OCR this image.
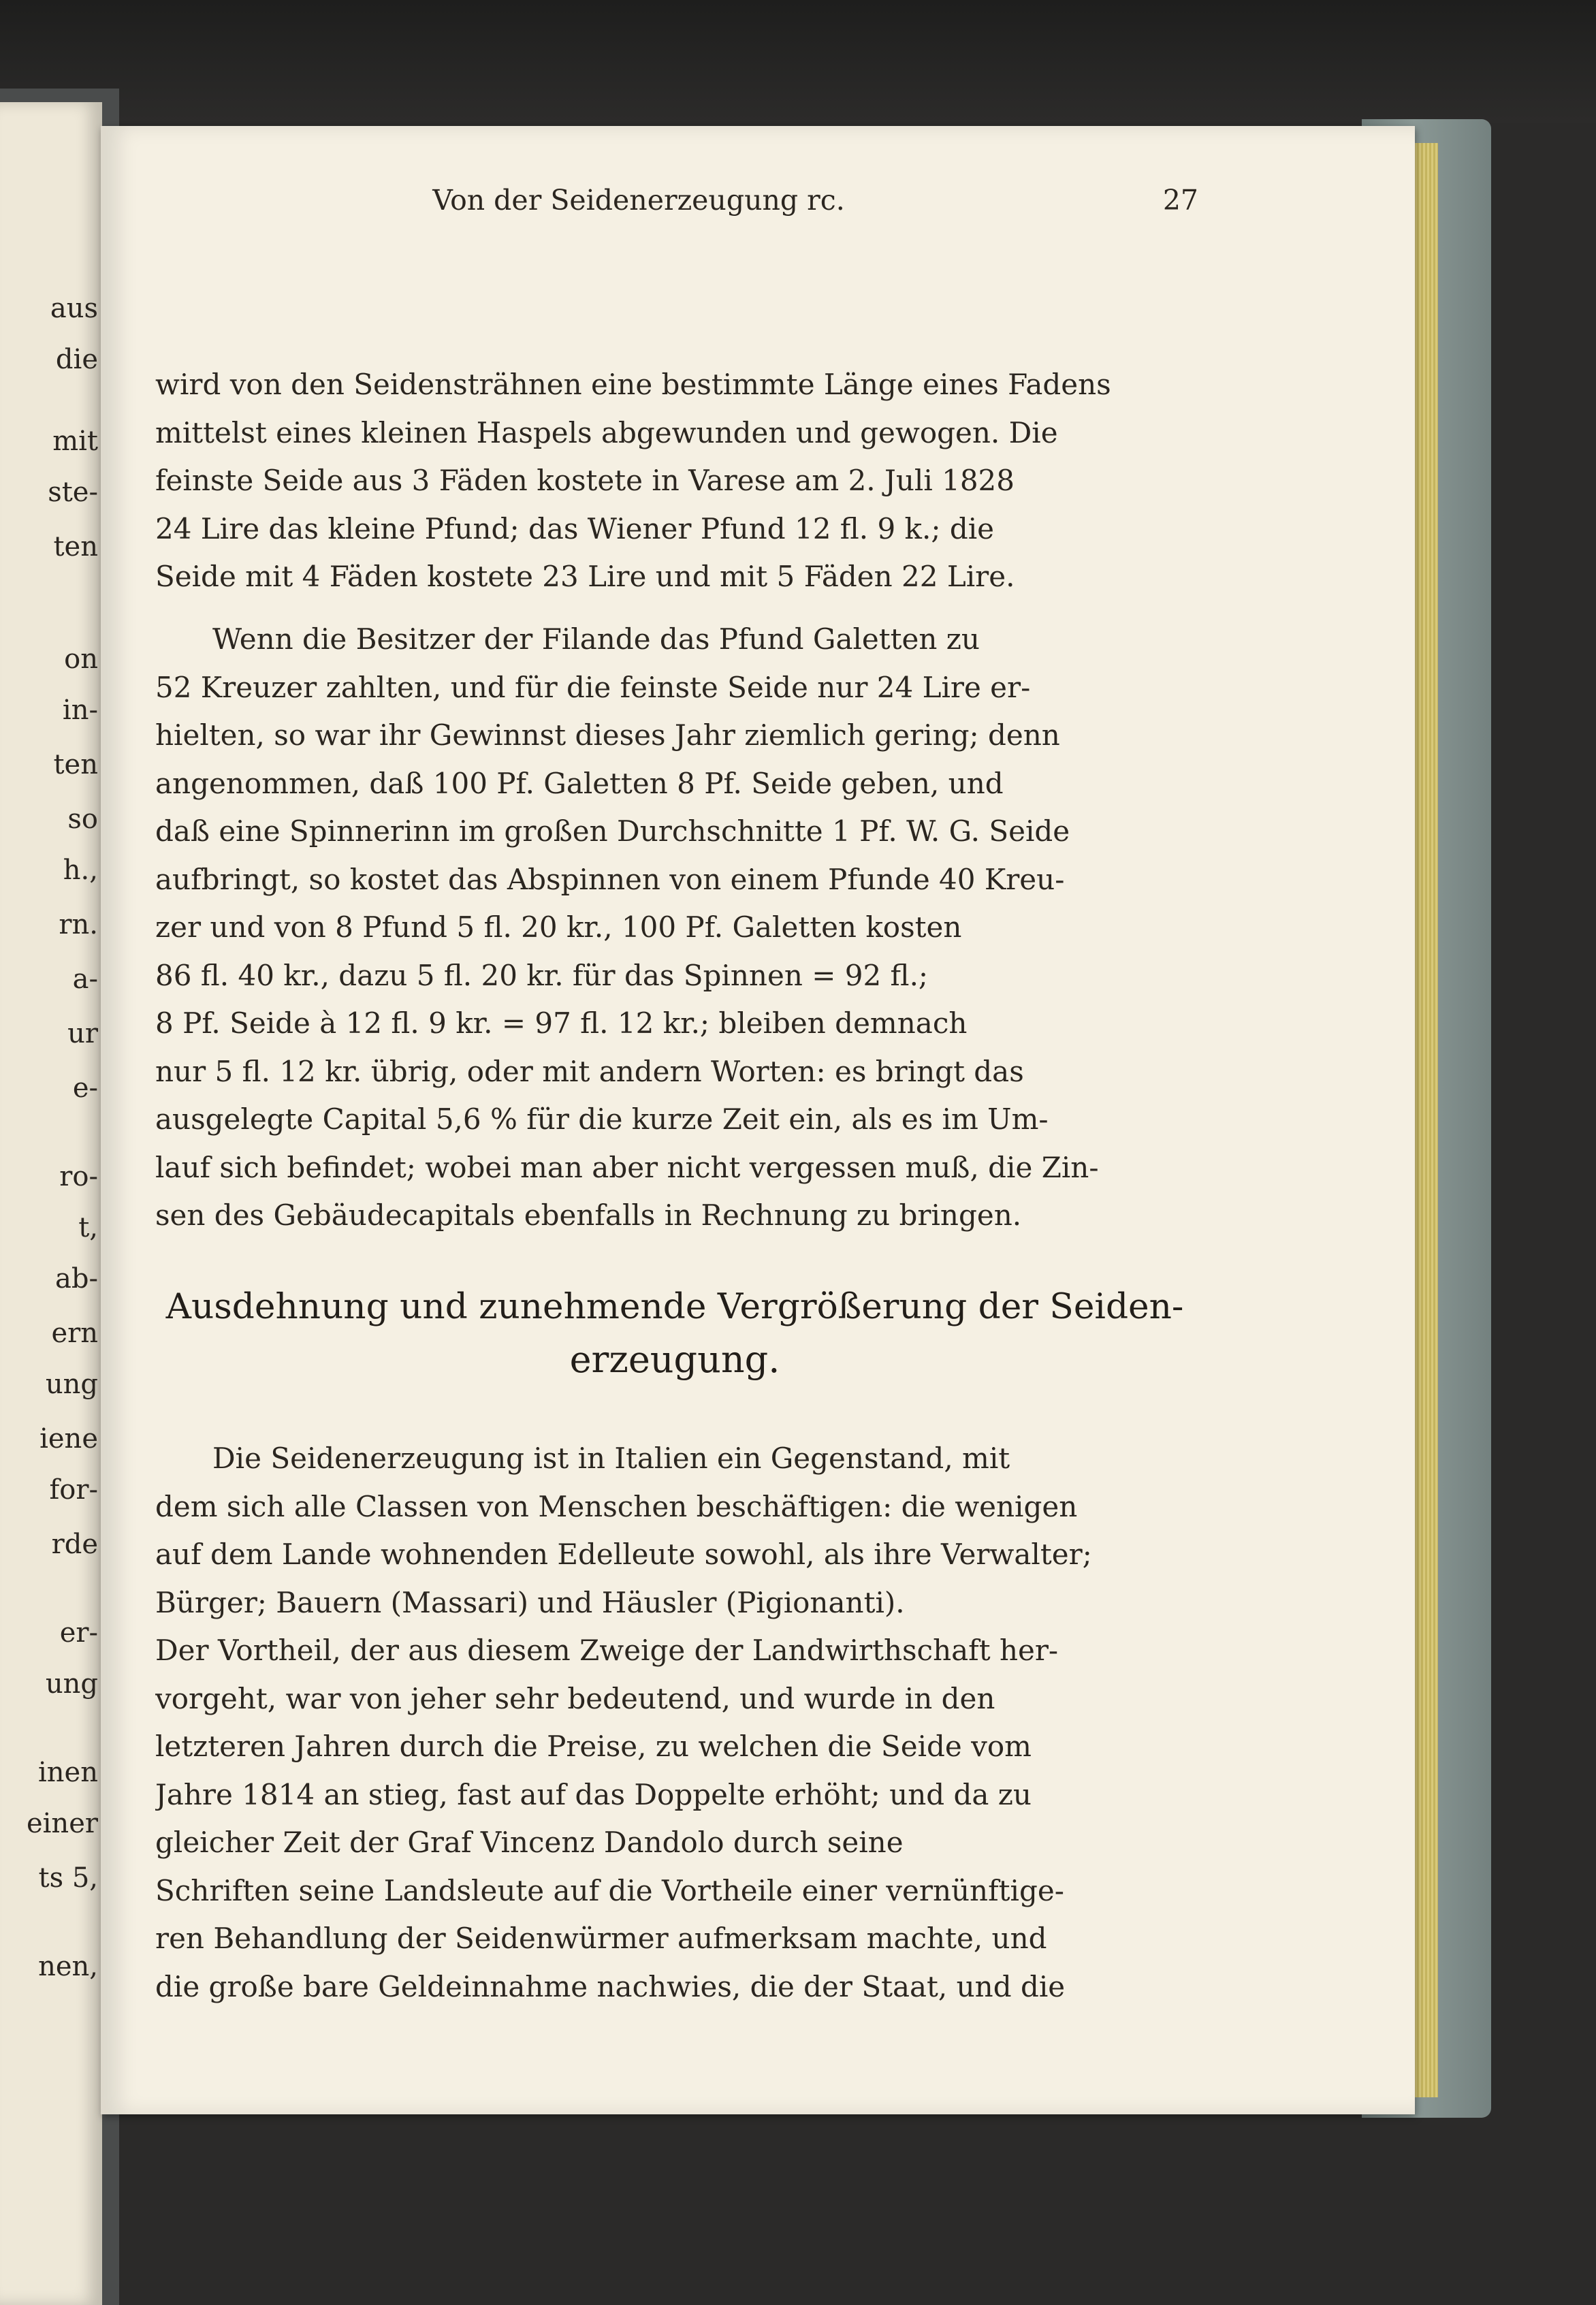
aus
die
mit
ste-
ten
on
in-
ten
so
h.,
rn.
a-
ur
e-
ro-
t,
ab-
ern
ung
iene
for-
rde
er-
ung
inen
einer
ts 5,
nen,
Von der Seidenerzeugung rc.	27
wird von den Seidensträhnen eine bestimmte Länge eines Fadens
mittelst eines kleinen Haspels abgewunden und gewogen. Die
feinste Seide aus 3 Fäden kostete in Varese am 2. Juli 1828
24 Lire das kleine Pfund; das Wiener Pfund 12 fl. 9 k.; die
Seide mit 4 Fäden kostete 23 Lire und mit 5 Fäden 22 Lire.
Wenn die Besitzer der Filande das Pfund Galetten zu
52 Kreuzer zahlten, und für die feinste Seide nur 24 Lire er-
hielten, so war ihr Gewinnst dieses Jahr ziemlich gering; denn
angenommen, daß 100 Pf. Galetten 8 Pf. Seide geben, und
daß eine Spinnerinn im großen Durchschnitte 1 Pf. W. G. Seide
aufbringt, so kostet das Abspinnen von einem Pfunde 40 Kreu-
zer und von 8 Pfund 5 fl. 20 kr., 100 Pf. Galetten kosten
86 fl. 40 kr., dazu 5 fl. 20 kr. für das Spinnen = 92 fl.;
8 Pf. Seide à 12 fl. 9 kr. = 97 fl. 12 kr.; bleiben demnach
nur 5 fl. 12 kr. übrig, oder mit andern Worten: es bringt das
ausgelegte Capital 5,6 % für die kurze Zeit ein, als es im Um-
lauf sich befindet; wobei man aber nicht vergessen muß, die Zin-
sen des Gebäudecapitals ebenfalls in Rechnung zu bringen.
Ausdehnung und zunehmende Vergrößerung der Seiden-
erzeugung.
Die Seidenerzeugung ist in Italien ein Gegenstand, mit
dem sich alle Classen von Menschen beschäftigen: die wenigen
auf dem Lande wohnenden Edelleute sowohl, als ihre Verwalter;
Bürger; Bauern (Massari) und Häusler (Pigionanti).
Der Vortheil, der aus diesem Zweige der Landwirthschaft her-
vorgeht, war von jeher sehr bedeutend, und wurde in den
letzteren Jahren durch die Preise, zu welchen die Seide vom
Jahre 1814 an stieg, fast auf das Doppelte erhöht; und da zu
gleicher Zeit der Graf Vincenz Dandolo durch seine
Schriften seine Landsleute auf die Vortheile einer vernünftige-
ren Behandlung der Seidenwürmer aufmerksam machte, und
die große bare Geldeinnahme nachwies, die der Staat, und die
